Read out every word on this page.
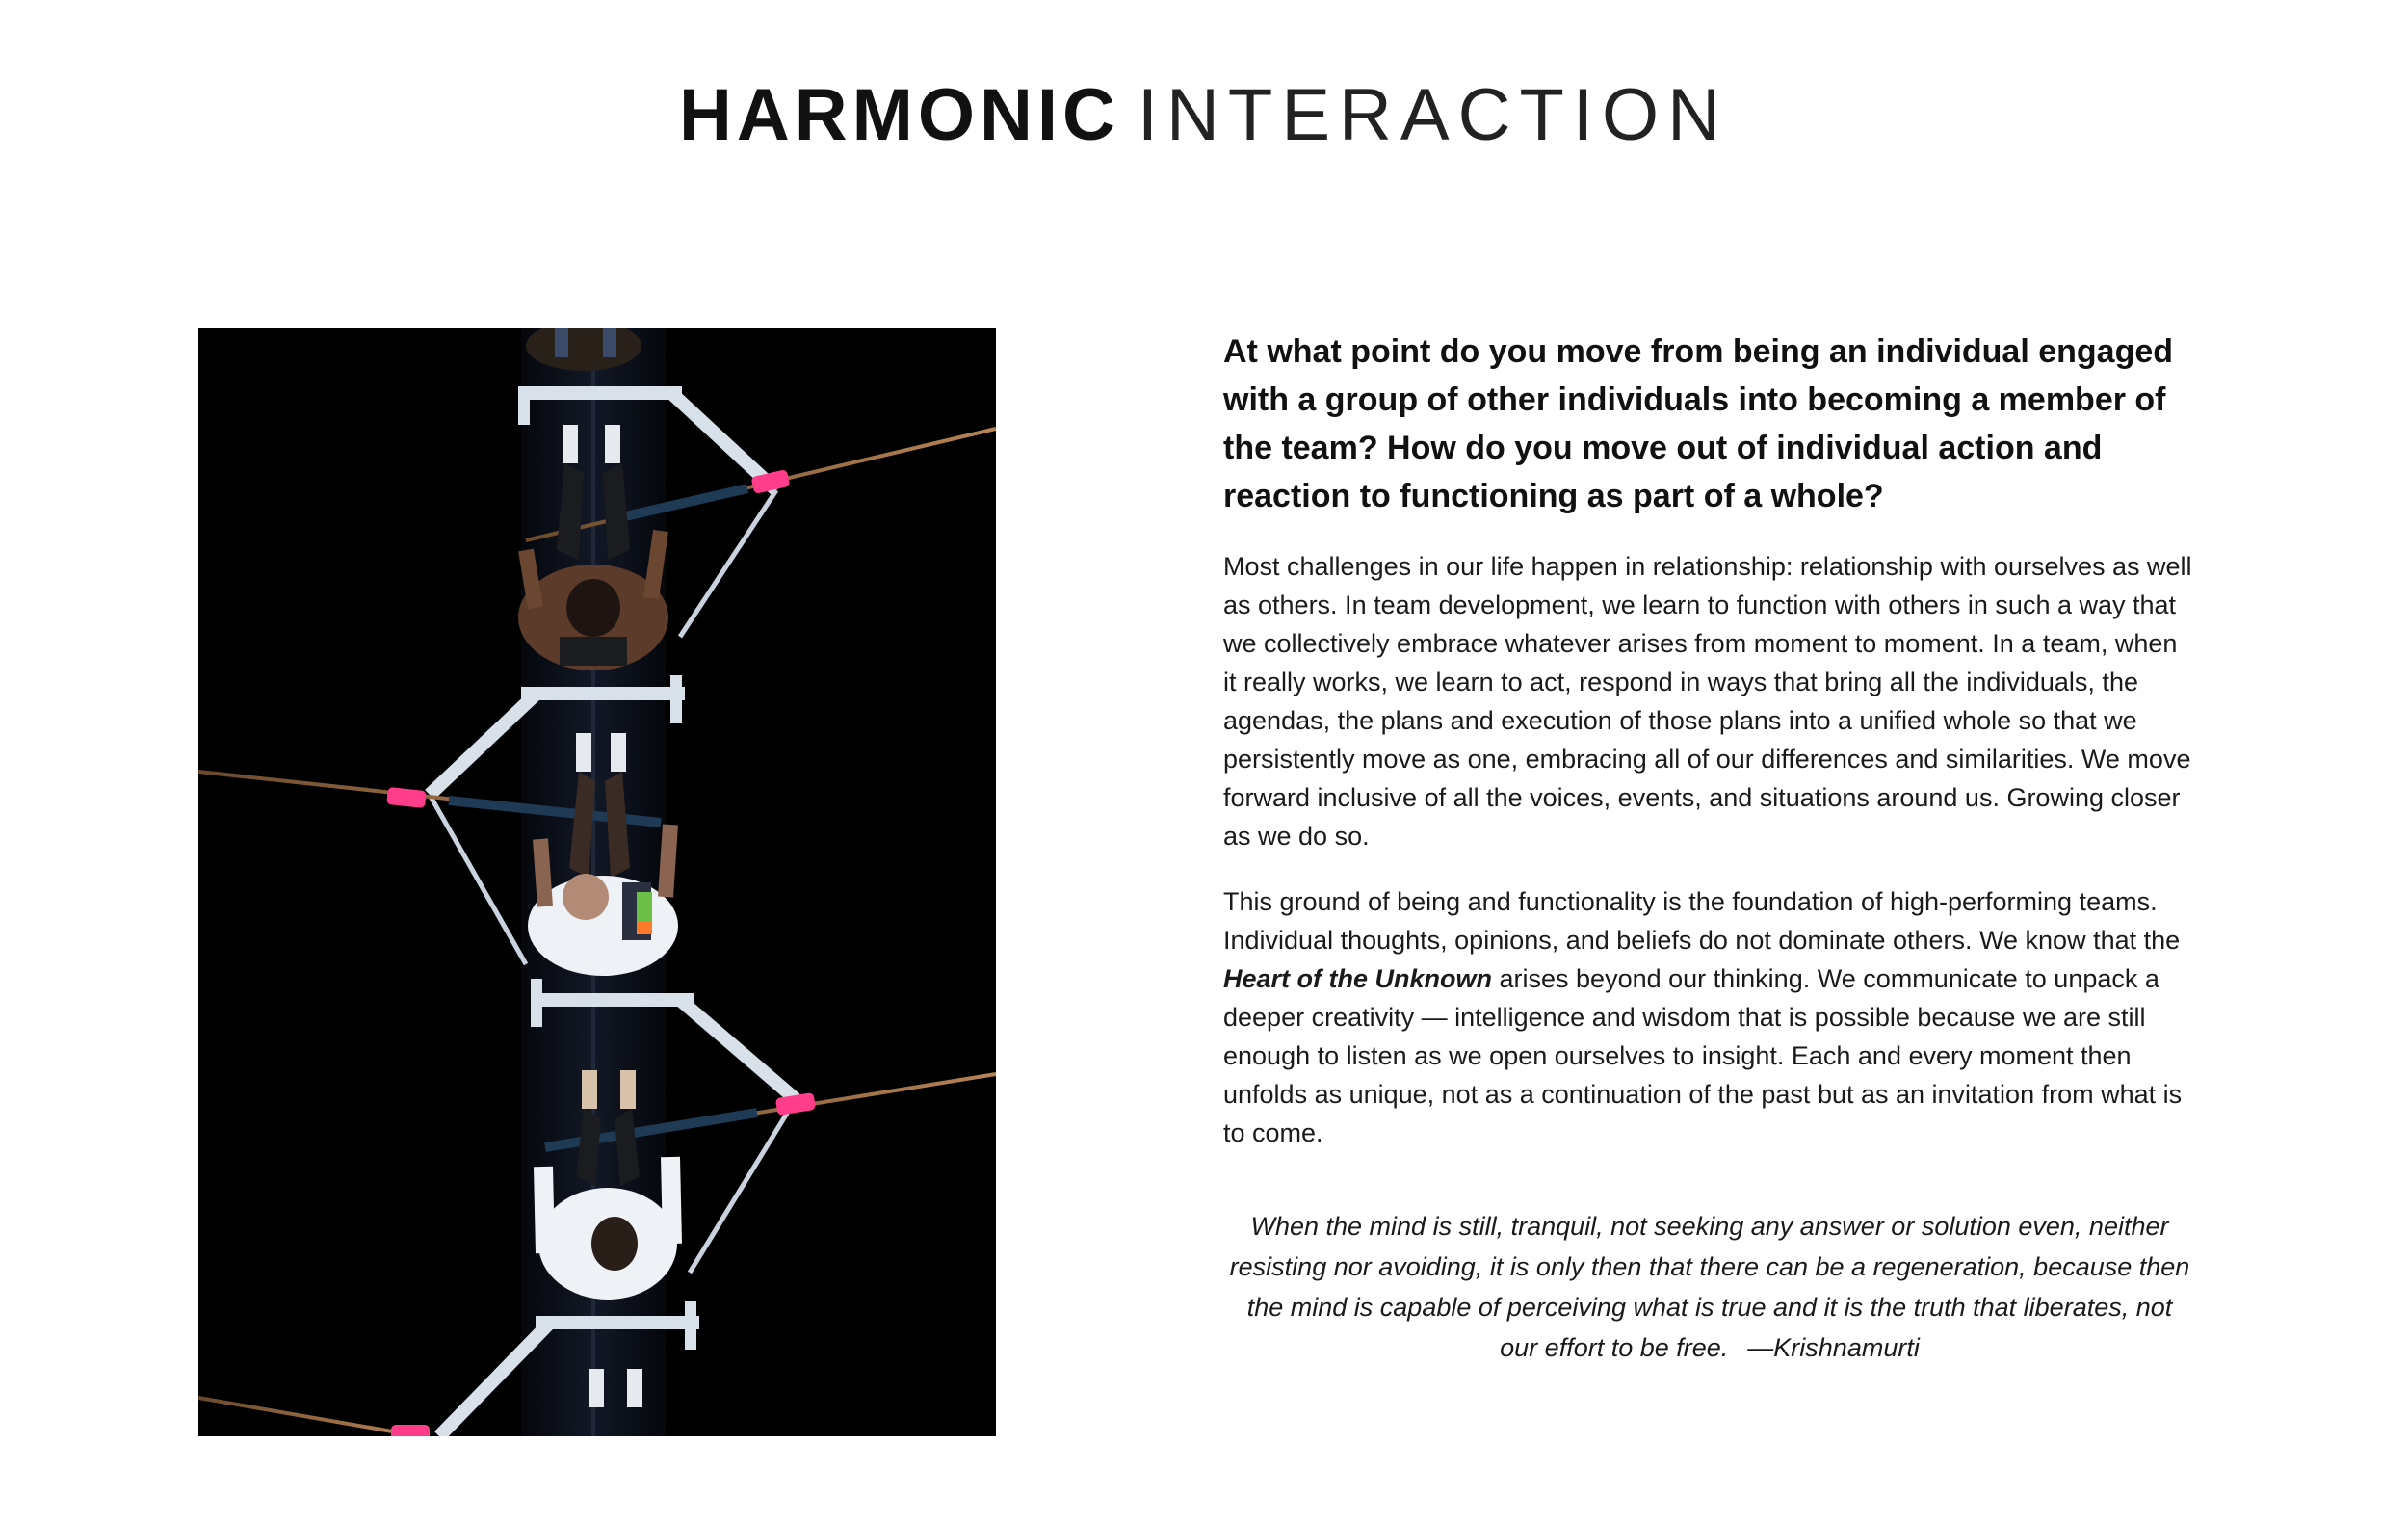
HARMONIC INTERACTION
At what point do you move from being an individual engaged with a group of other individuals into becoming a member of the team? How do you move out of individual action and reaction to functioning as part of a whole?

Most challenges in our life happen in relationship: relationship with ourselves as well as others. In team development, we learn to function with others in such a way that we collectively embrace whatever arises from moment to moment. In a team, when it really works, we learn to act, respond in ways that bring all the individuals, the agendas, the plans and execution of those plans into a unified whole so that we persistently move as one, embracing all of our differences and similarities. We move forward inclusive of all the voices, events, and situations around us. Growing closer as we do so.

This ground of being and functionality is the foundation of high-performing teams. Individual thoughts, opinions, and beliefs do not dominate others. We know that the Heart of the Unknown arises beyond our thinking. We communicate to unpack a deeper creativity — intelligence and wisdom that is possible because we are still enough to listen as we open ourselves to insight. Each and every moment then unfolds as unique, not as a continuation of the past but as an invitation from what is to come.

When the mind is still, tranquil, not seeking any answer or solution even, neither resisting nor avoiding, it is only then that there can be a regeneration, because then the mind is capable of perceiving what is true and it is the truth that liberates, not our effort to be free. —Krishnamurti
